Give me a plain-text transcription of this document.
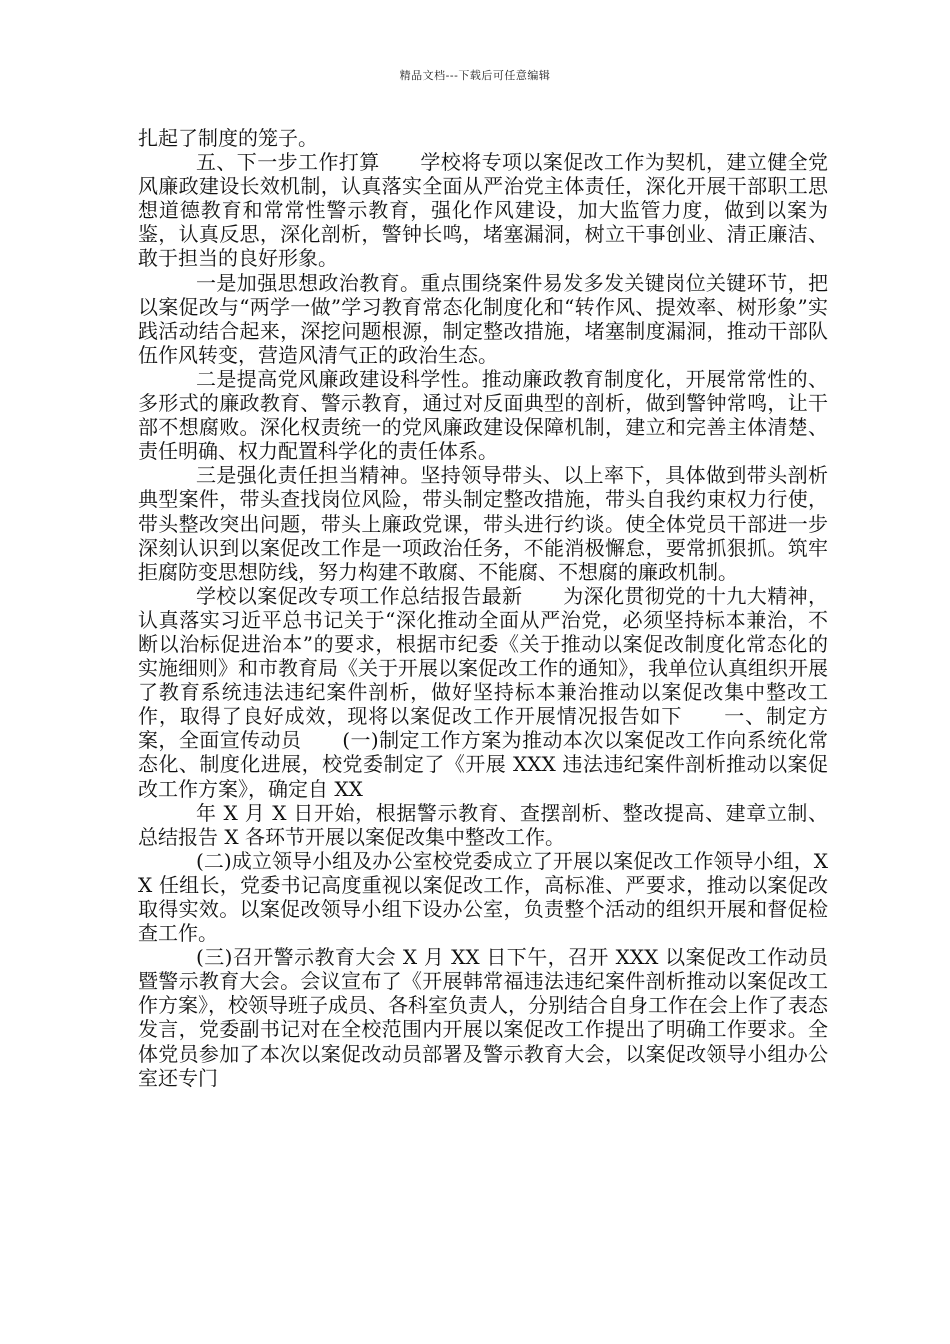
精品文档---下载后可任意编辑

扎起了制度的笼子。

五、下一步工作打算　　学校将专项以案促改工作为契机，建立健全党风廉政建设长效机制，认真落实全面从严治党主体责任，深化开展干部职工思想道德教育和常常性警示教育，强化作风建设，加大监管力度，做到以案为鉴，认真反思，深化剖析，警钟长鸣，堵塞漏洞，树立干事创业、清正廉洁、敢于担当的良好形象。

一是加强思想政治教育。重点围绕案件易发多发关键岗位关键环节，把以案促改与“两学一做”学习教育常态化制度化和“转作风、提效率、树形象”实践活动结合起来，深挖问题根源，制定整改措施，堵塞制度漏洞，推动干部队伍作风转变，营造风清气正的政治生态。

二是提高党风廉政建设科学性。推动廉政教育制度化，开展常常性的、多形式的廉政教育、警示教育，通过对反面典型的剖析，做到警钟常鸣，让干部不想腐败。深化权责统一的党风廉政建设保障机制，建立和完善主体清楚、责任明确、权力配置科学化的责任体系。

三是强化责任担当精神。坚持领导带头、以上率下，具体做到带头剖析典型案件，带头查找岗位风险，带头制定整改措施，带头自我约束权力行使，带头整改突出问题，带头上廉政党课，带头进行约谈。使全体党员干部进一步深刻认识到以案促改工作是一项政治任务，不能消极懈怠，要常抓狠抓。筑牢拒腐防变思想防线，努力构建不敢腐、不能腐、不想腐的廉政机制。

学校以案促改专项工作总结报告最新　　为深化贯彻党的十九大精神，认真落实习近平总书记关于“深化推动全面从严治党，必须坚持标本兼治，不断以治标促进治本”的要求，根据市纪委《关于推动以案促改制度化常态化的实施细则》和市教育局《关于开展以案促改工作的通知》，我单位认真组织开展了教育系统违法违纪案件剖析，做好坚持标本兼治推动以案促改集中整改工作，取得了良好成效，现将以案促改工作开展情况报告如下　　一、制定方案，全面宣传动员　　(一)制定工作方案为推动本次以案促改工作向系统化常态化、制度化进展，校党委制定了《开展 XXX 违法违纪案件剖析推动以案促改工作方案》，确定自 XX

年 X 月 X 日开始，根据警示教育、查摆剖析、整改提高、建章立制、总结报告 X 各环节开展以案促改集中整改工作。

(二)成立领导小组及办公室校党委成立了开展以案促改工作领导小组，XX 任组长，党委书记高度重视以案促改工作，高标准、严要求，推动以案促改取得实效。以案促改领导小组下设办公室，负责整个活动的组织开展和督促检查工作。

(三)召开警示教育大会 X 月 XX 日下午，召开 XXX 以案促改工作动员暨警示教育大会。会议宣布了《开展韩常福违法违纪案件剖析推动以案促改工作方案》，校领导班子成员、各科室负责人，分别结合自身工作在会上作了表态发言，党委副书记对在全校范围内开展以案促改工作提出了明确工作要求。全体党员参加了本次以案促改动员部署及警示教育大会，以案促改领导小组办公室还专门
